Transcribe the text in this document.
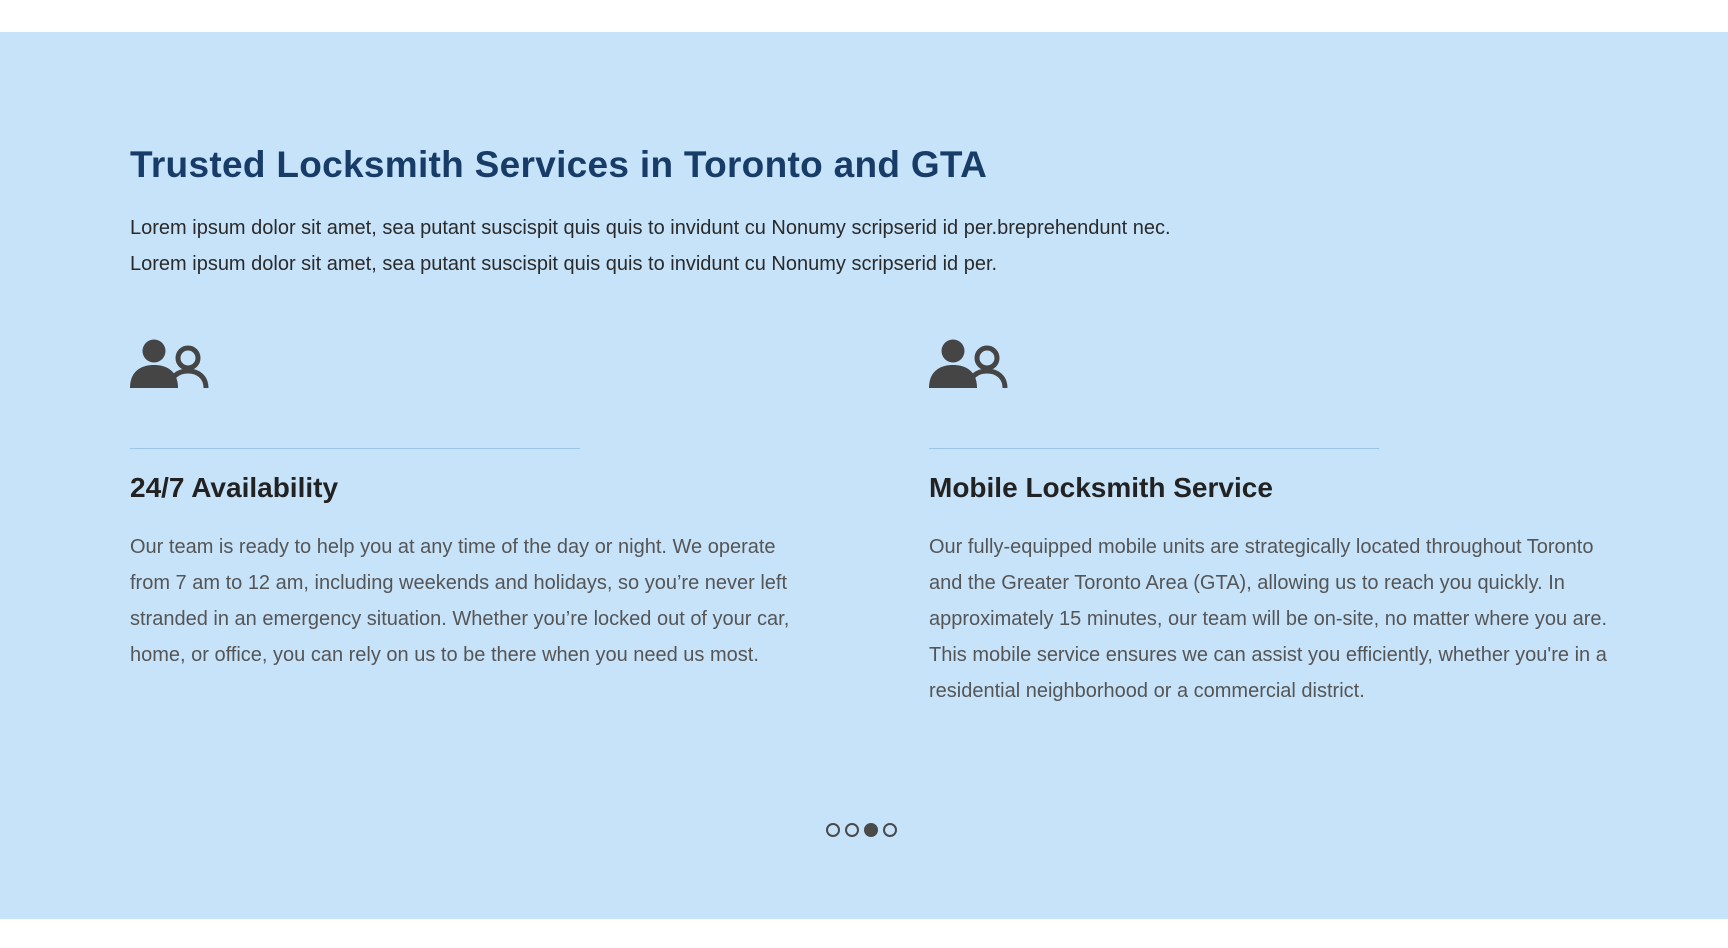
Trusted Locksmith Services in Toronto and GTA

Lorem ipsum dolor sit amet, sea putant suscispit quis quis to invidunt cu Nonumy scripserid id per.breprehendunt nec.

Lorem ipsum dolor sit amet, sea putant suscispit quis quis to invidunt cu Nonumy scripserid id per.

24/7 Availability

Our team is ready to help you at any time of the day or night. We operate from 7 am to 12 am, including weekends and holidays, so you’re never left stranded in an emergency situation. Whether you’re locked out of your car, home, or office, you can rely on us to be there when you need us most.

Mobile Locksmith Service

Our fully-equipped mobile units are strategically located throughout Toronto and the Greater Toronto Area (GTA), allowing us to reach you quickly. In approximately 15 minutes, our team will be on-site, no matter where you are. This mobile service ensures we can assist you efficiently, whether you're in a residential neighborhood or a commercial district.
